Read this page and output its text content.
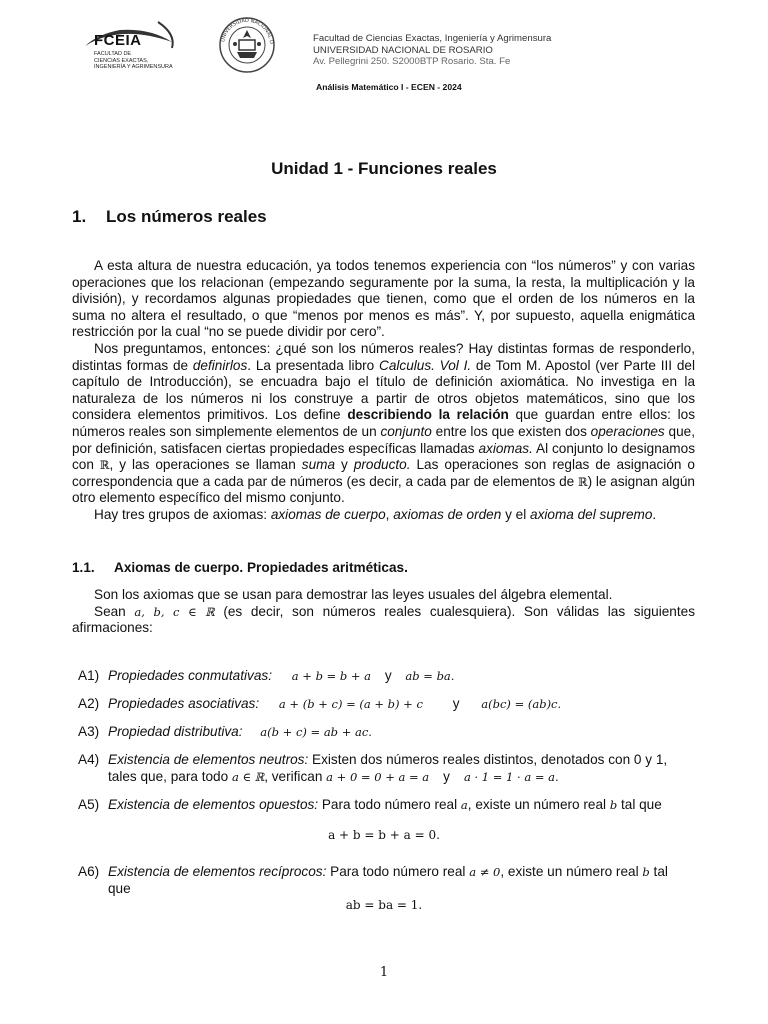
FCEIA
FACULTAD DE
CIENCIAS EXACTAS,
INGENIERÍA Y AGRIMENSURA
UNIVERSIDAD NACIONAL D	Facultad de Ciencias Exactas, Ingeniería y Agrimensura
UNIVERSIDAD NACIONAL DE ROSARIO
Av. Pellegrini 250. S2000BTP Rosario. Sta. Fe
Análisis Matemático I - ECEN - 2024
Unidad 1 - Funciones reales
1. Los números reales

A esta altura de nuestra educación, ya todos tenemos experiencia con “los números” y con varias operaciones que los relacionan (empezando seguramente por la suma, la resta, la multiplicación y la división), y recordamos algunas propiedades que tienen, como que el orden de los números en la suma no altera el resultado, o que “menos por menos es más”. Y, por supuesto, aquella enigmática restricción por la cual “no se puede dividir por cero”.

Nos preguntamos, entonces: ¿qué son los números reales? Hay distintas formas de responderlo, distintas formas de definirlos. La presentada libro Calculus. Vol I. de Tom M. Apostol (ver Parte III del capítulo de Introducción), se encuadra bajo el título de definición axiomática. No investiga en la naturaleza de los números ni los construye a partir de otros objetos matemáticos, sino que los considera elementos primitivos. Los define describiendo la relación que guardan entre ellos: los números reales son simplemente elementos de un conjunto entre los que existen dos operaciones que, por definición, satisfacen ciertas propiedades específicas llamadas axiomas. Al conjunto lo designamos con ℝ, y las operaciones se llaman suma y producto. Las operaciones son reglas de asignación o correspondencia que a cada par de números (es decir, a cada par de elementos de ℝ) le asignan algún otro elemento específico del mismo conjunto.

Hay tres grupos de axiomas: axiomas de cuerpo, axiomas de orden y el axioma del supremo.

1.1. Axiomas de cuerpo. Propiedades aritméticas.

Son los axiomas que se usan para demostrar las leyes usuales del álgebra elemental.

Sean a, b, c ∈ ℝ (es decir, son números reales cualesquiera). Son válidas las siguientes afirmaciones:

A1) Propiedades conmutativas: a + b = b + a y ab = ba.
A2) Propiedades asociativas: a + (b + c) = (a + b) + c y a(bc) = (ab)c.
A3) Propiedad distributiva: a(b + c) = ab + ac.
A4) Existencia de elementos neutros: Existen dos números reales distintos, denotados con 0 y 1,
tales que, para todo a ∈ ℝ, verifican a + 0 = 0 + a = a y a · 1 = 1 · a = a.
A5) Existencia de elementos opuestos: Para todo número real a, existe un número real b tal que
a + b = b + a = 0.
A6) Existencia de elementos recíprocos: Para todo número real a ≠ 0, existe un número real b tal
que
ab = ba = 1.
1
